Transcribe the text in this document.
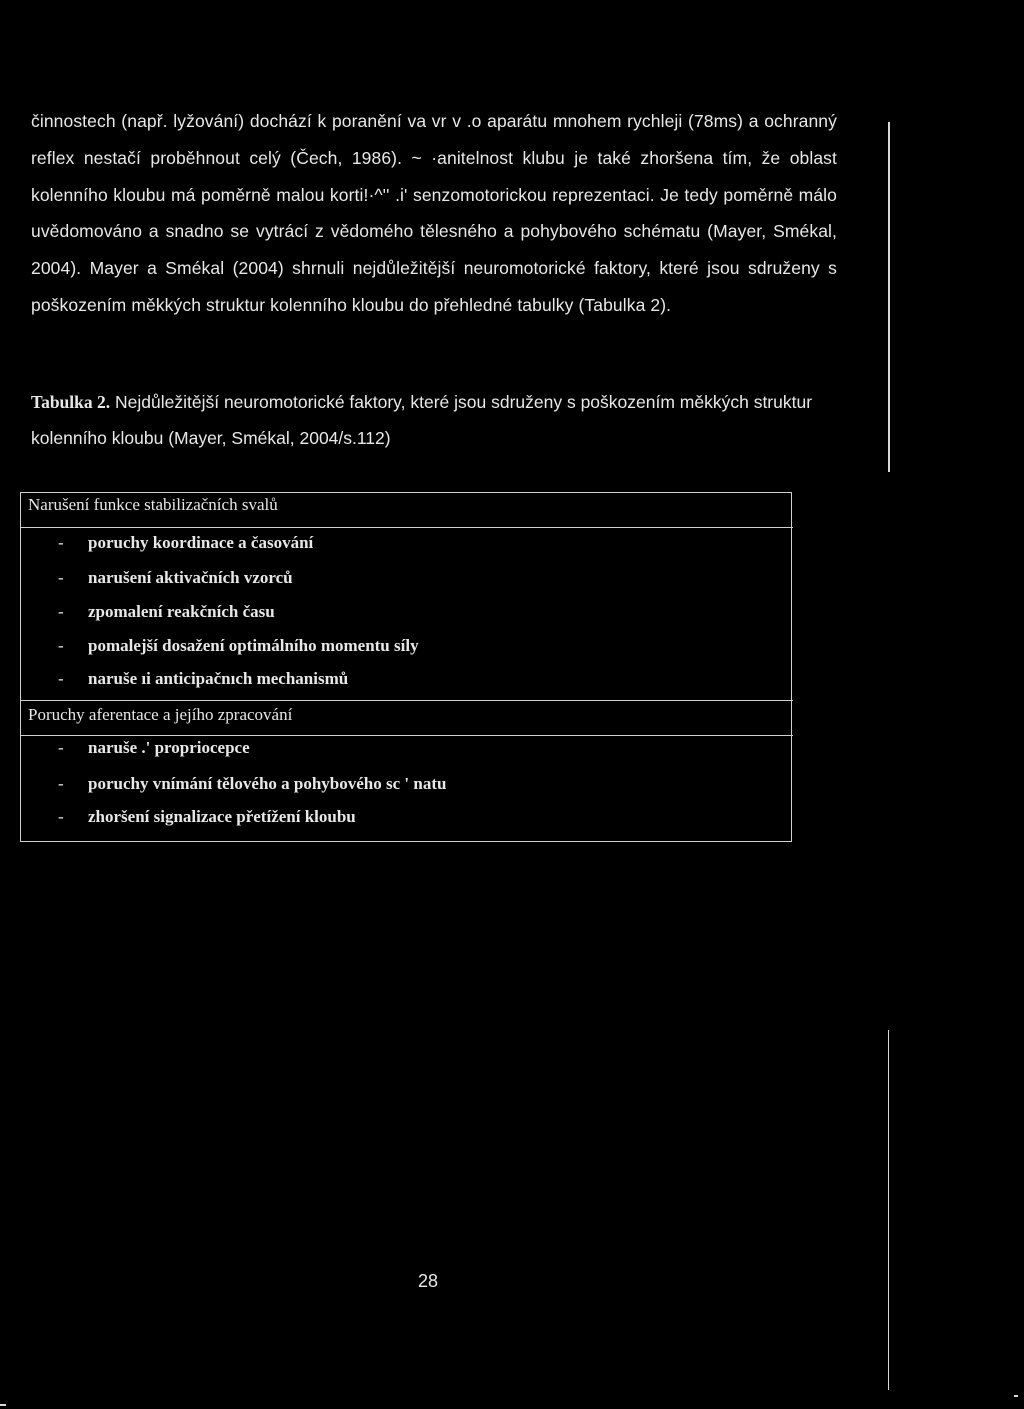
činnostech (např. lyžování) dochází k poranění va vr v .o aparátu mnohem rychleji (78ms) a ochranný reflex nestačí proběhnout celý (Čech, 1986). ~ ·anitelnost klubu je také zhoršena tím, že oblast kolenního kloubu má poměrně malou korti!·^'' .i' senzomotorickou reprezentaci. Je tedy poměrně málo uvědomováno a snadno se vytrácí z vědomého tělesného a pohybového schématu (Mayer, Smékal, 2004). Mayer a Smékal (2004) shrnuli nejdůležitější neuromotorické faktory, které jsou sdruženy s poškozením měkkých struktur kolenního kloubu do přehledné tabulky (Tabulka 2).
Tabulka 2. Nejdůležitější neuromotorické faktory, které jsou sdruženy s poškozením měkkých struktur kolenního kloubu (Mayer, Smékal, 2004/s.112)
Narušení funkce stabilizačních svalů
- poruchy koordinace a časování
- narušení aktivačních vzorců
- zpomalení reakčních času
- pomalejší dosažení optimálního momentu síly
- naruše ıi anticipačnıch mechanismů
Poruchy aferentace a jejího zpracování
- naruše .' propriocepce
- poruchy vnímání tělového a pohybového sc ' natu
- zhoršení signalizace přetížení kloubu
28
